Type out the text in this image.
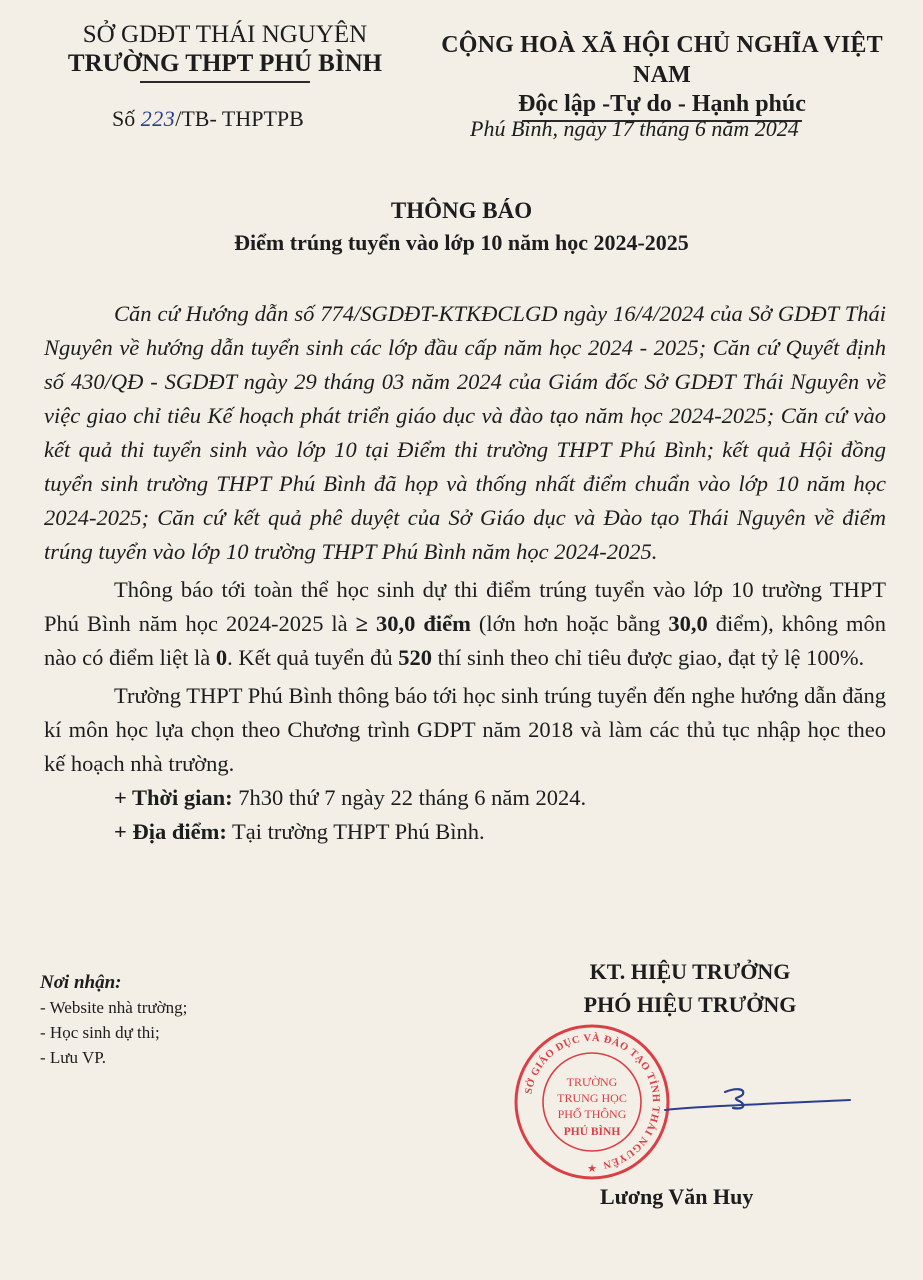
SỞ GDĐT THÁI NGUYÊN
TRƯỜNG THPT PHÚ BÌNH
CỘNG HOÀ XÃ HỘI CHỦ NGHĨA VIỆT NAM
Độc lập -Tự do - Hạnh phúc
Số 223/TB- THPTPB	Phú Bình, ngày 17 tháng 6 năm 2024
THÔNG BÁO
Điểm trúng tuyển vào lớp 10 năm học 2024-2025

Căn cứ Hướng dẫn số 774/SGDĐT-KTKĐCLGD ngày 16/4/2024 của Sở GDĐT Thái Nguyên về hướng dẫn tuyển sinh các lớp đầu cấp năm học 2024 - 2025; Căn cứ Quyết định số 430/QĐ - SGDĐT ngày 29 tháng 03 năm 2024 của Giám đốc Sở GDĐT Thái Nguyên về việc giao chỉ tiêu Kế hoạch phát triển giáo dục và đào tạo năm học 2024-2025; Căn cứ vào kết quả thi tuyển sinh vào lớp 10 tại Điểm thi trường THPT Phú Bình; kết quả Hội đồng tuyển sinh trường THPT Phú Bình đã họp và thống nhất điểm chuẩn vào lớp 10 năm học 2024-2025; Căn cứ kết quả phê duyệt của Sở Giáo dục và Đào tạo Thái Nguyên về điểm trúng tuyển vào lớp 10 trường THPT Phú Bình năm học 2024-2025.

Thông báo tới toàn thể học sinh dự thi điểm trúng tuyển vào lớp 10 trường THPT Phú Bình năm học 2024-2025 là ≥ 30,0 điểm (lớn hơn hoặc bằng 30,0 điểm), không môn nào có điểm liệt là 0. Kết quả tuyển đủ 520 thí sinh theo chỉ tiêu được giao, đạt tỷ lệ 100%.

Trường THPT Phú Bình thông báo tới học sinh trúng tuyển đến nghe hướng dẫn đăng kí môn học lựa chọn theo Chương trình GDPT năm 2018 và làm các thủ tục nhập học theo kế hoạch nhà trường.

+ Thời gian: 7h30 thứ 7 ngày 22 tháng 6 năm 2024.

+ Địa điểm: Tại trường THPT Phú Bình.

Nơi nhận:
- Website nhà trường;
- Học sinh dự thi;
- Lưu VP.
KT. HIỆU TRƯỞNG
PHÓ HIỆU TRƯỞNG
SỞ GIÁO DỤC VÀ ĐÀO TẠO TỈNH THÁI NGUYÊN
TRƯỜNG
TRUNG HỌC
PHỔ THÔNG
PHÚ BÌNH
★
Lương Văn Huy
